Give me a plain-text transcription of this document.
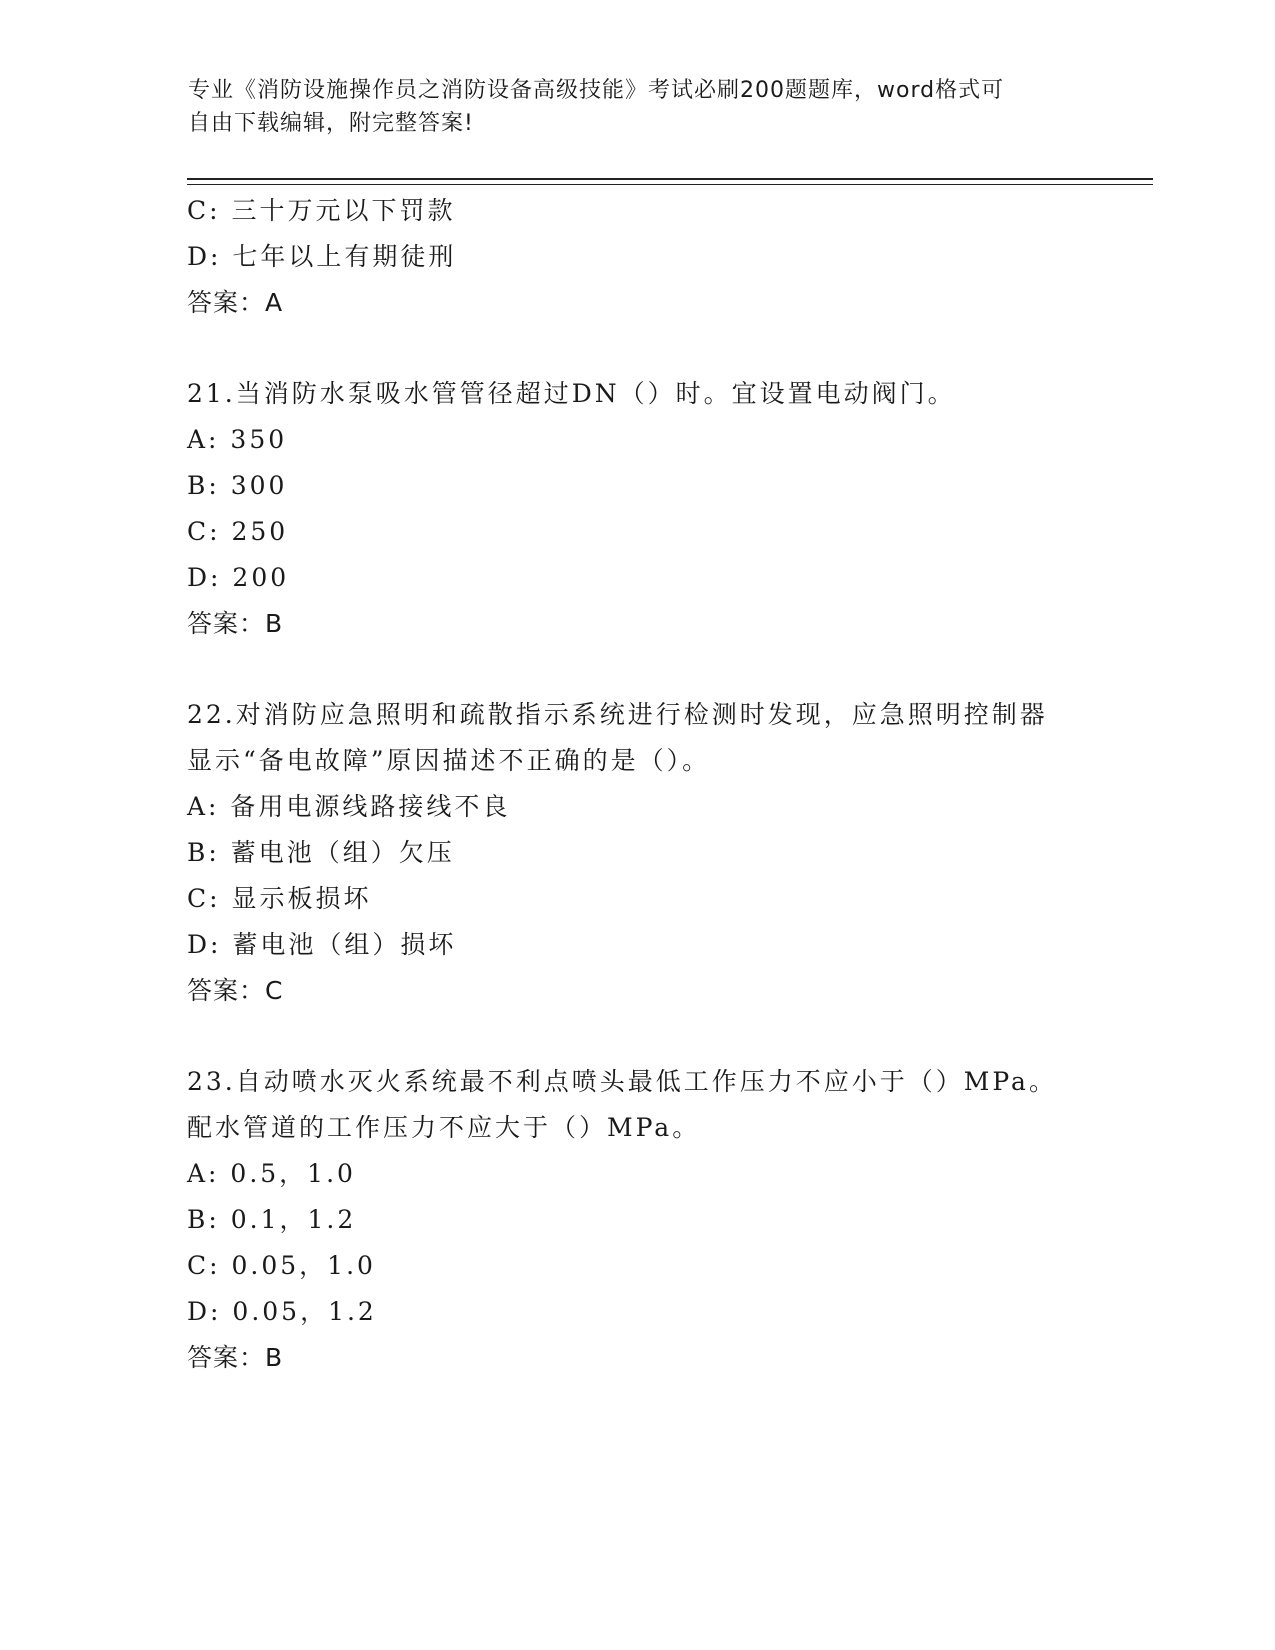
专业《消防设施操作员之消防设备高级技能》考试必刷200题题库，word格式可
自由下载编辑，附完整答案!
C: 三十万元以下罚款
D: 七年以上有期徒刑
答案：A
21.当消防水泵吸水管管径超过DN（）时。宜设置电动阀门。
A: 350
B: 300
C: 250
D: 200
答案：B
22.对消防应急照明和疏散指示系统进行检测时发现，应急照明控制器
显示“备电故障”原因描述不正确的是（）。
A: 备用电源线路接线不良
B: 蓄电池（组）欠压
C: 显示板损坏
D: 蓄电池（组）损坏
答案：C
23.自动喷水灭火系统最不利点喷头最低工作压力不应小于（）MPa。
配水管道的工作压力不应大于（）MPa。
A: 0.5，1.0
B: 0.1，1.2
C: 0.05，1.0
D: 0.05，1.2
答案：B
